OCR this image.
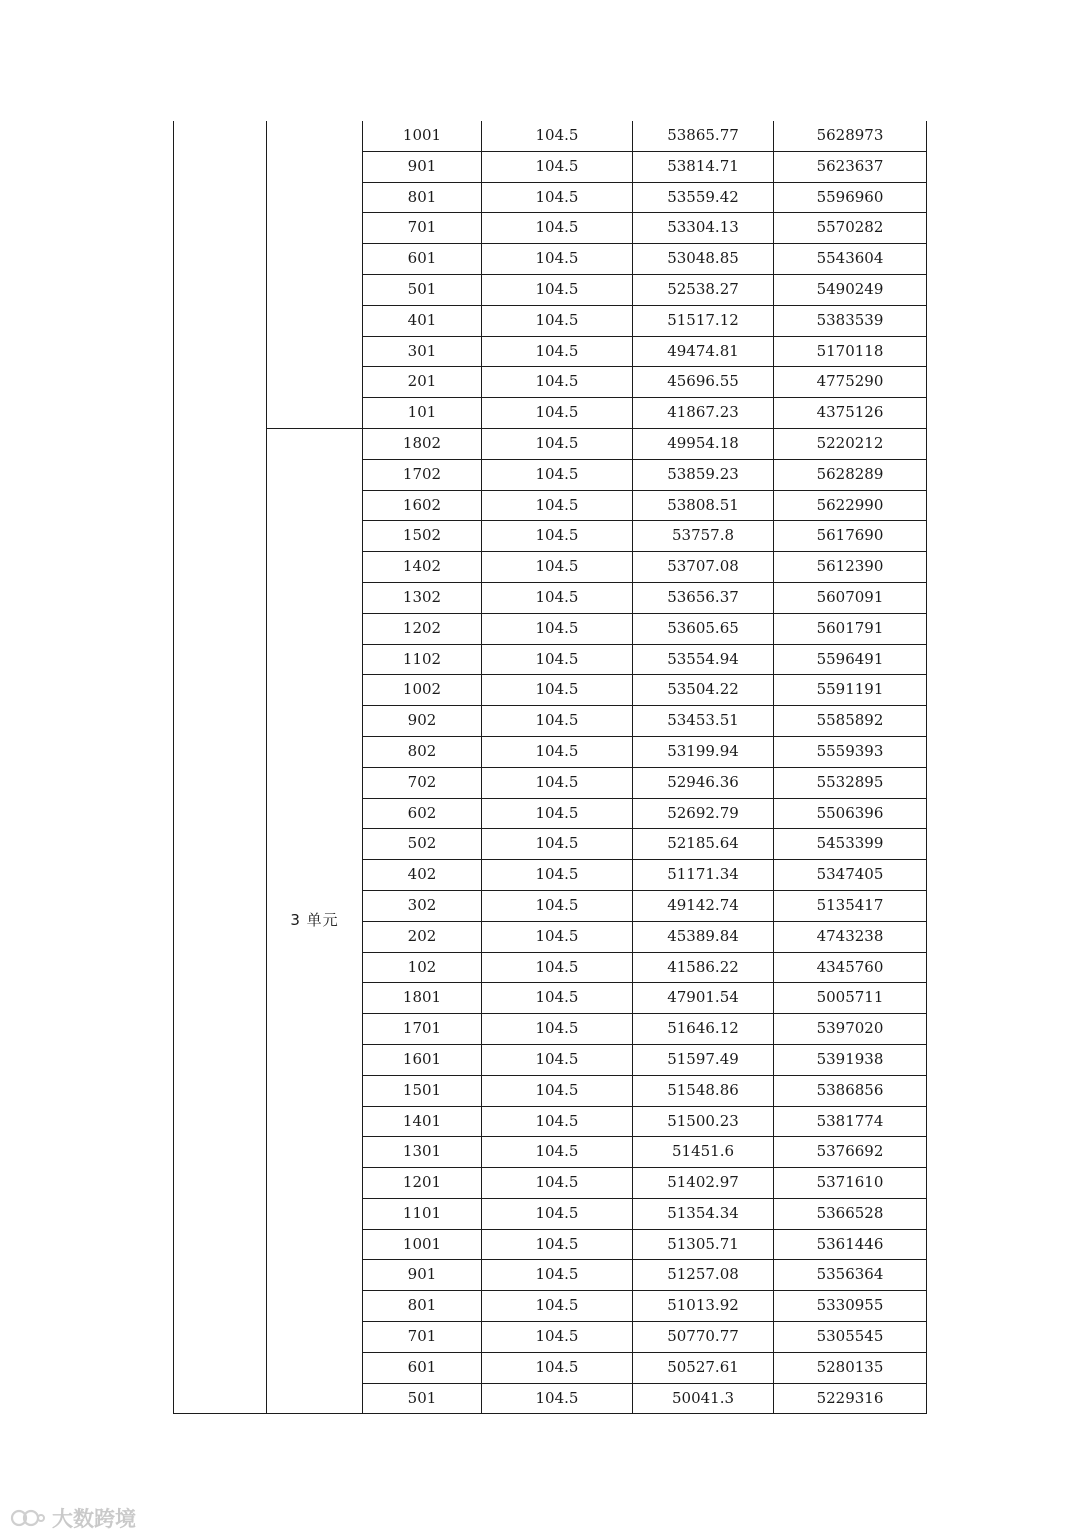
		1001	104.5	53865.77	5628973
		901	104.5	53814.71	5623637
		801	104.5	53559.42	5596960
		701	104.5	53304.13	5570282
		601	104.5	53048.85	5543604
		501	104.5	52538.27	5490249
		401	104.5	51517.12	5383539
		301	104.5	49474.81	5170118
		201	104.5	45696.55	4775290
		101	104.5	41867.23	4375126
	3 单元	1802	104.5	49954.18	5220212
		1702	104.5	53859.23	5628289
		1602	104.5	53808.51	5622990
		1502	104.5	53757.8	5617690
		1402	104.5	53707.08	5612390
		1302	104.5	53656.37	5607091
		1202	104.5	53605.65	5601791
		1102	104.5	53554.94	5596491
		1002	104.5	53504.22	5591191
		902	104.5	53453.51	5585892
		802	104.5	53199.94	5559393
		702	104.5	52946.36	5532895
		602	104.5	52692.79	5506396
		502	104.5	52185.64	5453399
		402	104.5	51171.34	5347405
		302	104.5	49142.74	5135417
		202	104.5	45389.84	4743238
		102	104.5	41586.22	4345760
		1801	104.5	47901.54	5005711
		1701	104.5	51646.12	5397020
		1601	104.5	51597.49	5391938
		1501	104.5	51548.86	5386856
		1401	104.5	51500.23	5381774
		1301	104.5	51451.6	5376692
		1201	104.5	51402.97	5371610
		1101	104.5	51354.34	5366528
		1001	104.5	51305.71	5361446
		901	104.5	51257.08	5356364
		801	104.5	51013.92	5330955
		701	104.5	50770.77	5305545
		601	104.5	50527.61	5280135
		501	104.5	50041.3	5229316
大数跨境
